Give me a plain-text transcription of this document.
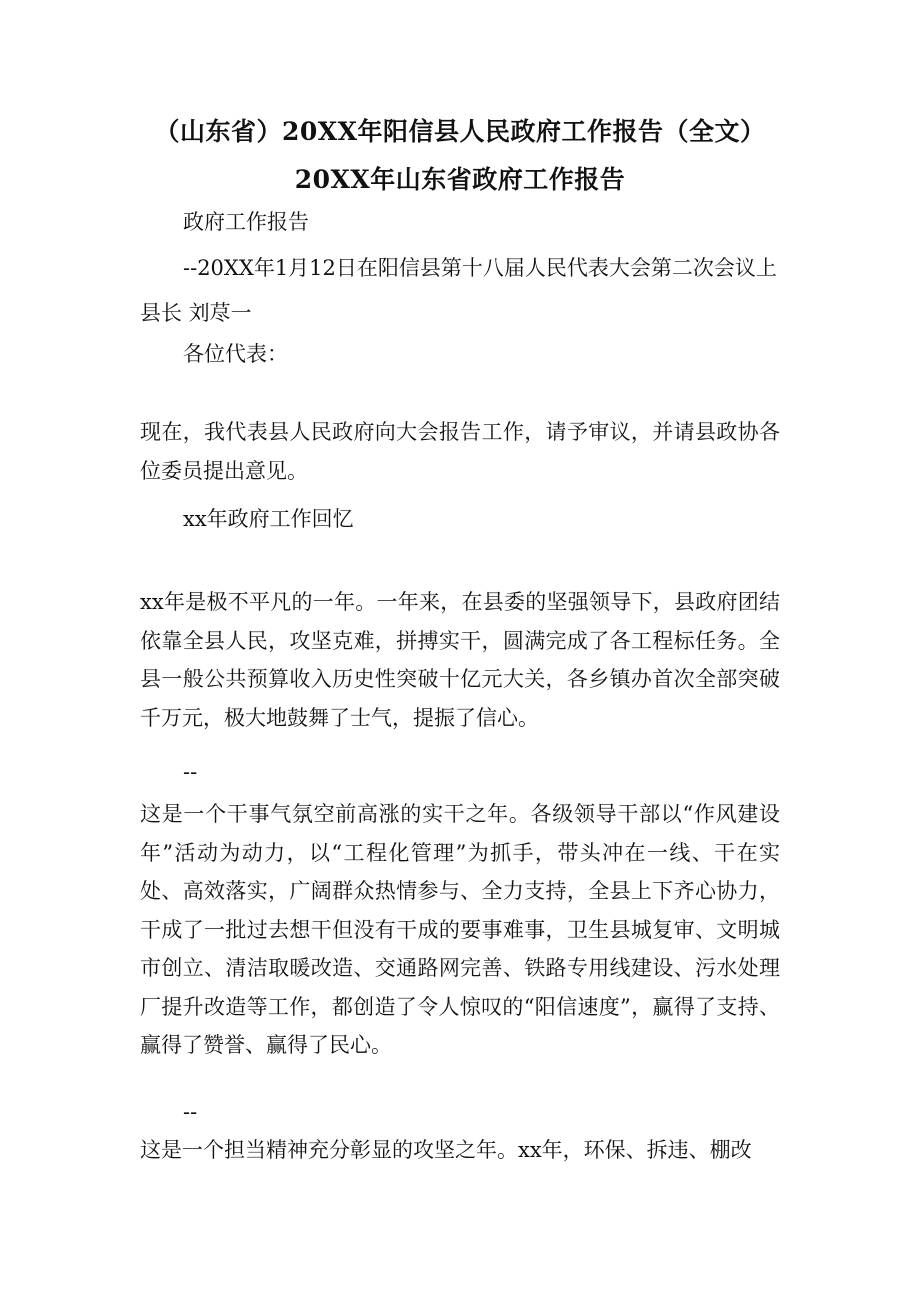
（山东省）20XX年阳信县人民政府工作报告（全文）20XX年山东省政府工作报告
政府工作报告
--20XX年1月12日在阳信县第十八届人民代表大会第二次会议上
县长 刘荩一
各位代表：
现在，我代表县人民政府向大会报告工作，请予审议，并请县政协各位委员提出意见。
xx年政府工作回忆
xx年是极不平凡的一年。一年来，在县委的坚强领导下，县政府团结依靠全县人民，攻坚克难，拼搏实干，圆满完成了各工程标任务。全县一般公共预算收入历史性突破十亿元大关，各乡镇办首次全部突破千万元，极大地鼓舞了士气，提振了信心。
--
这是一个干事气氛空前高涨的实干之年。各级领导干部以“作风建设年”活动为动力，以“工程化管理”为抓手，带头冲在一线、干在实处、高效落实，广阔群众热情参与、全力支持，全县上下齐心协力，干成了一批过去想干但没有干成的要事难事，卫生县城复审、文明城市创立、清洁取暖改造、交通路网完善、铁路专用线建设、污水处理厂提升改造等工作，都创造了令人惊叹的“阳信速度”，赢得了支持、赢得了赞誉、赢得了民心。
--
这是一个担当精神充分彰显的攻坚之年。xx年，环保、拆违、棚改
